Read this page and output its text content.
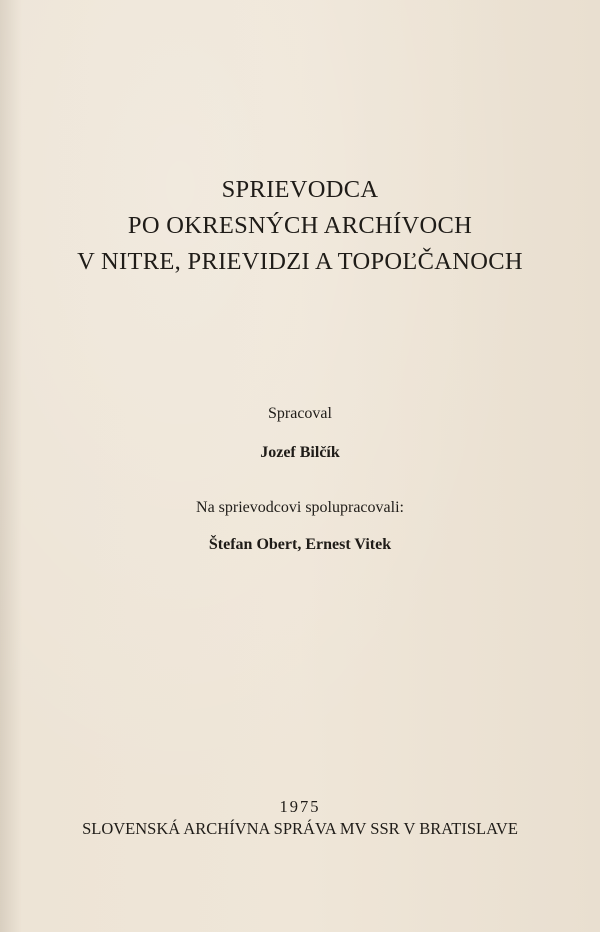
SPRIEVODCA
PO OKRESNÝCH ARCHÍVOCH
V NITRE, PRIEVIDZI A TOPOĽČANOCH
Spracoval
Jozef Bilčík
Na sprievodcovi spolupracovali:
Štefan Obert, Ernest Vitek
1975
SLOVENSKÁ ARCHÍVNA SPRÁVA MV SSR V BRATISLAVE
